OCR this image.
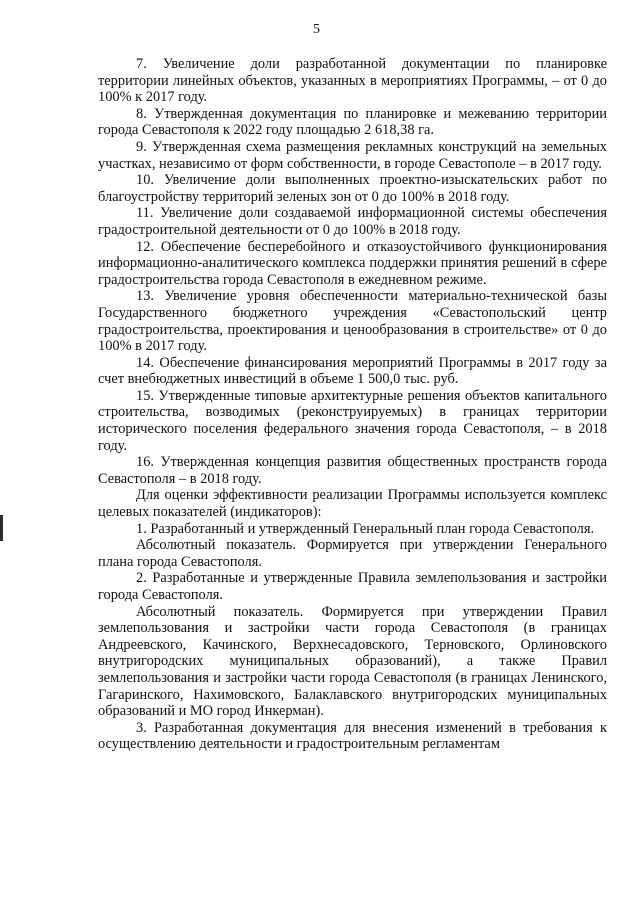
5

7. Увеличение доли разработанной документации по планировке территории линейных объектов, указанных в мероприятиях Программы, – от 0 до 100% к 2017 году.

8. Утвержденная документация по планировке и межеванию территории города Севастополя к 2022 году площадью 2 618,38 га.

9. Утвержденная схема размещения рекламных конструкций на земельных участках, независимо от форм собственности, в городе Севастополе – в 2017 году.

10. Увеличение доли выполненных проектно-изыскательских работ по благоустройству территорий зеленых зон от 0 до 100% в 2018 году.

11. Увеличение доли создаваемой информационной системы обеспечения градостроительной деятельности от 0 до 100% в 2018 году.

12. Обеспечение бесперебойного и отказоустойчивого функционирования информационно-аналитического комплекса поддержки принятия решений в сфере градостроительства города Севастополя в ежедневном режиме.

13. Увеличение уровня обеспеченности материально-технической базы Государственного бюджетного учреждения «Севастопольский центр градостроительства, проектирования и ценообразования в строительстве» от 0 до 100% в 2017 году.

14. Обеспечение финансирования мероприятий Программы в 2017 году за счет внебюджетных инвестиций в объеме 1 500,0 тыс. руб.

15. Утвержденные типовые архитектурные решения объектов капитального строительства, возводимых (реконструируемых) в границах территории исторического поселения федерального значения города Севастополя, – в 2018 году.

16. Утвержденная концепция развития общественных пространств города Севастополя – в 2018 году.

Для оценки эффективности реализации Программы используется комплекс целевых показателей (индикаторов):

1. Разработанный и утвержденный Генеральный план города Севастополя.

Абсолютный показатель. Формируется при утверждении Генерального плана города Севастополя.

2. Разработанные и утвержденные Правила землепользования и застройки города Севастополя.

Абсолютный показатель. Формируется при утверждении Правил землепользования и застройки части города Севастополя (в границах Андреевского, Качинского, Верхнесадовского, Терновского, Орлиновского внутригородских муниципальных образований), а также Правил землепользования и застройки части города Севастополя (в границах Ленинского, Гагаринского, Нахимовского, Балаклавского внутригородских муниципальных образований и МО город Инкерман).

3. Разработанная документация для внесения изменений в требования к осуществлению деятельности и градостроительным регламентам
